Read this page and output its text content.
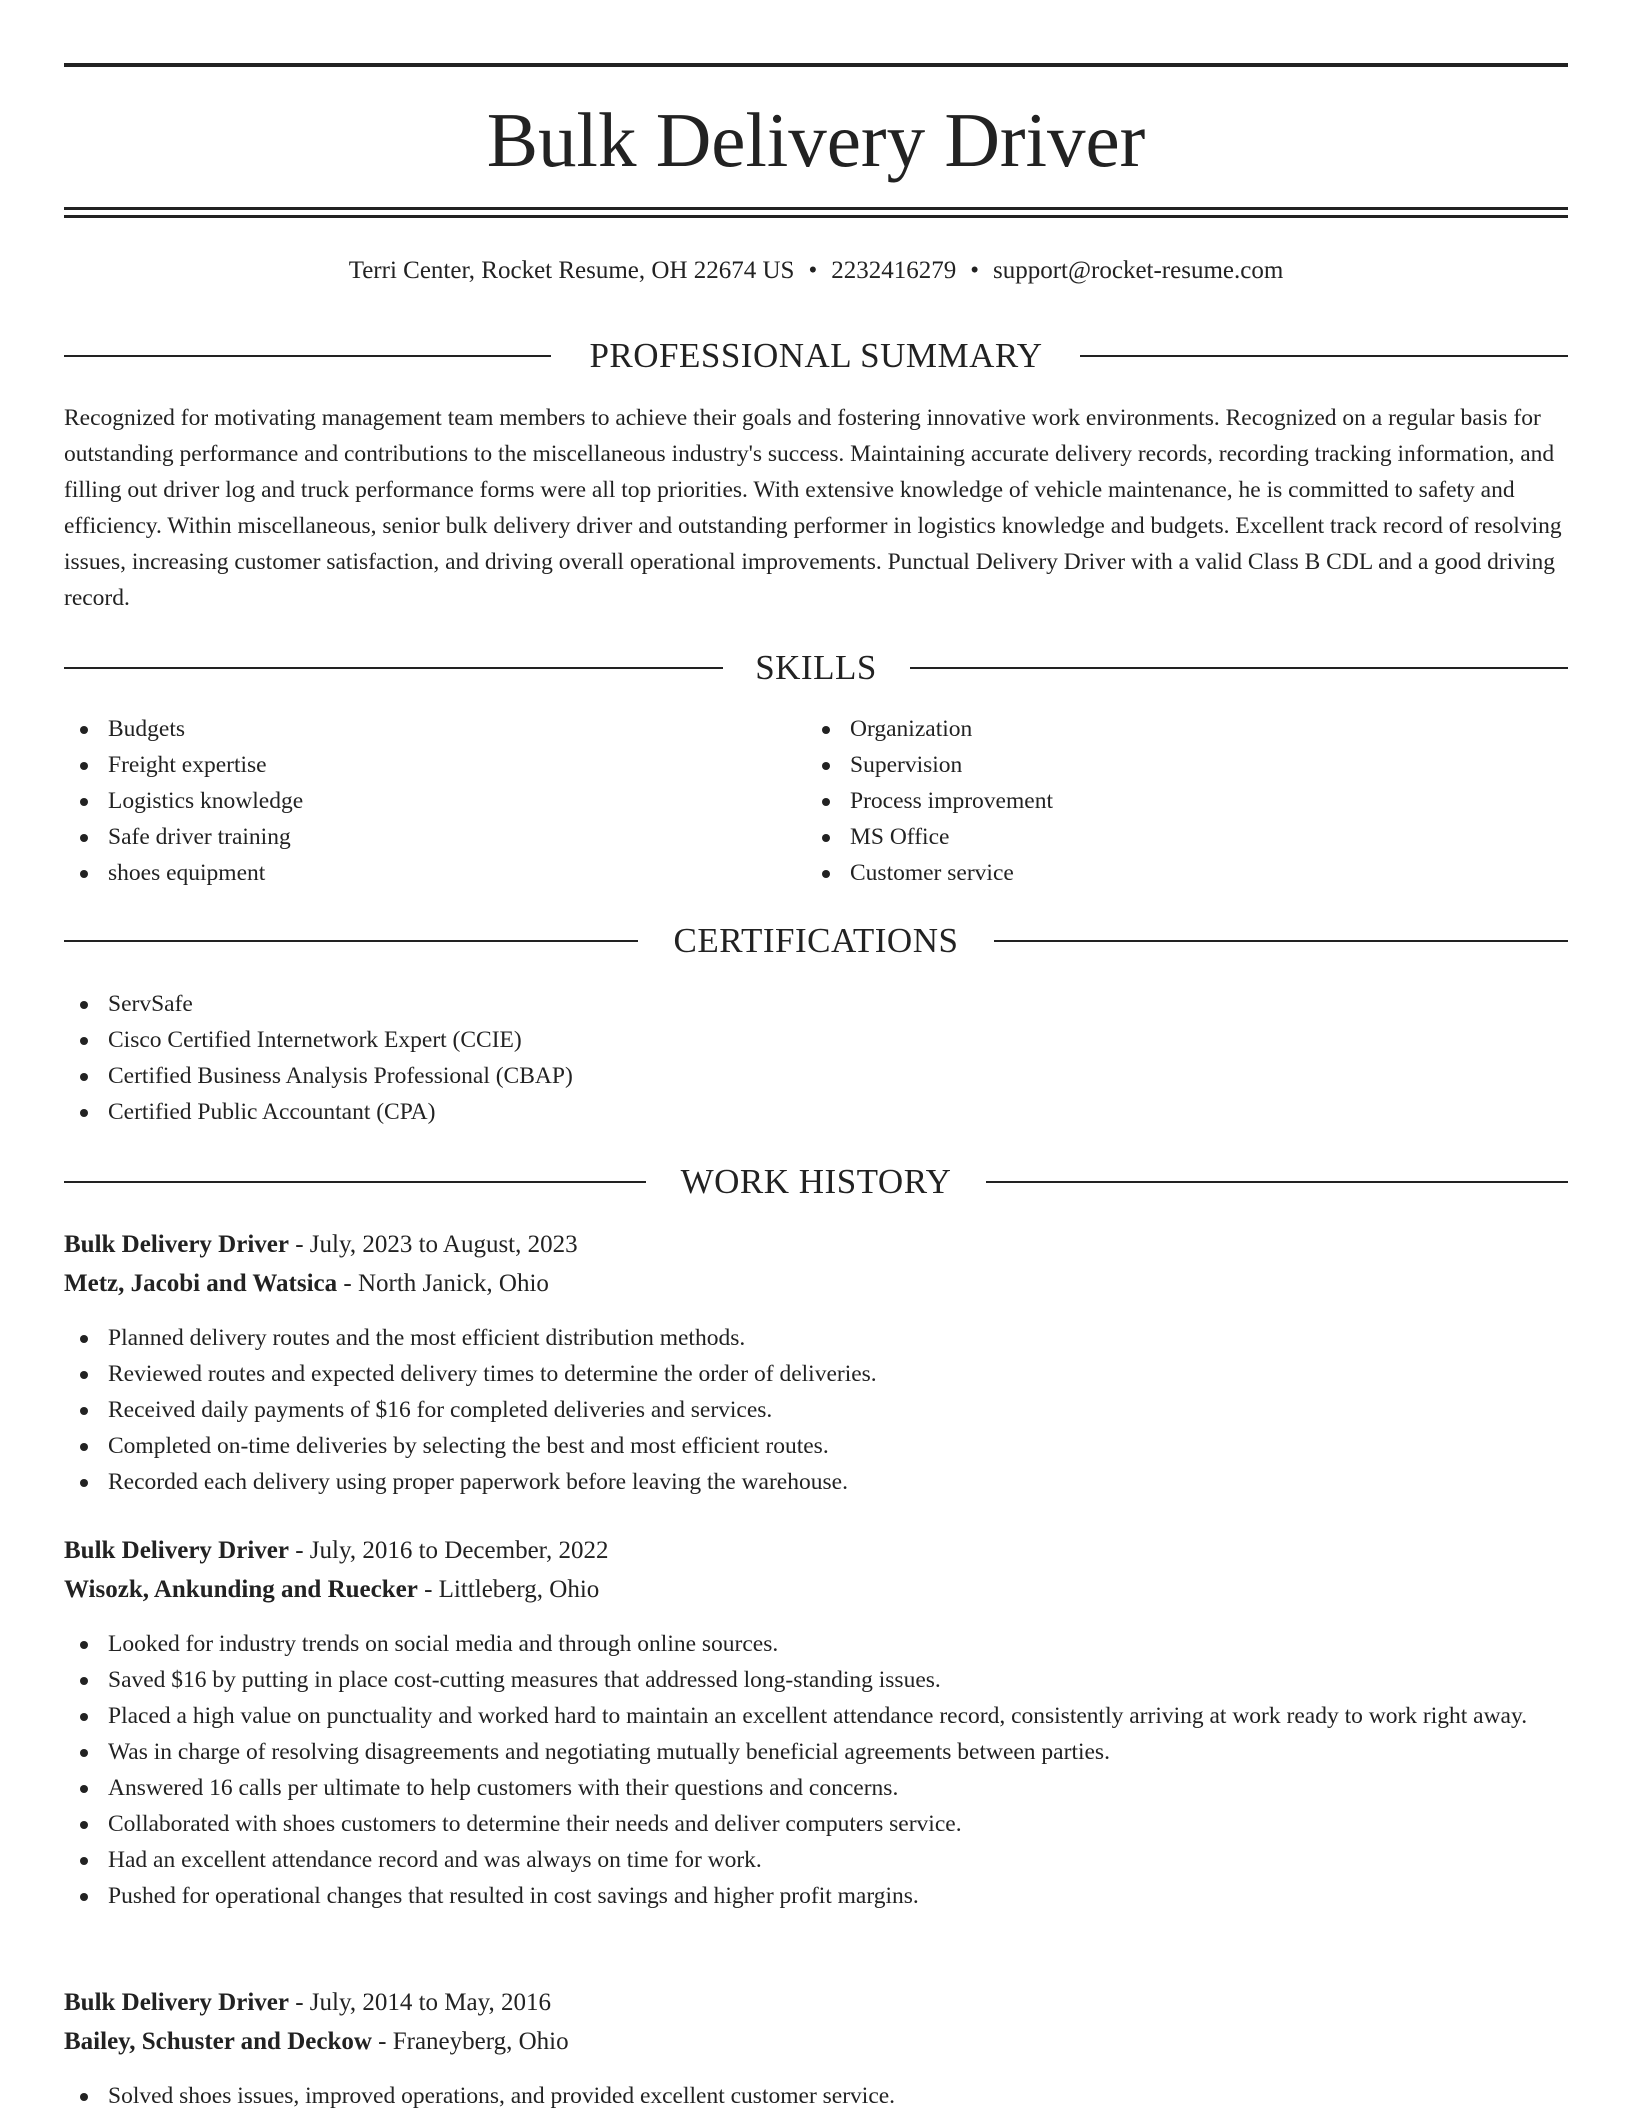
Bulk Delivery Driver
Terri Center, Rocket Resume, OH 22674 US • 2232416279 • support@rocket-resume.com
PROFESSIONAL SUMMARY

Recognized for motivating management team members to achieve their goals and fostering innovative work environments. Recognized on a regular basis for outstanding performance and contributions to the miscellaneous industry's success. Maintaining accurate delivery records, recording tracking information, and filling out driver log and truck performance forms were all top priorities. With extensive knowledge of vehicle maintenance, he is committed to safety and efficiency. Within miscellaneous, senior bulk delivery driver and outstanding performer in logistics knowledge and budgets. Excellent track record of resolving issues, increasing customer satisfaction, and driving overall operational improvements. Punctual Delivery Driver with a valid Class B CDL and a good driving record.

SKILLS
Budgets
Freight expertise
Logistics knowledge
Safe driver training
shoes equipment
Organization
Supervision
Process improvement
MS Office
Customer service
CERTIFICATIONS
ServSafe
Cisco Certified Internetwork Expert (CCIE)
Certified Business Analysis Professional (CBAP)
Certified Public Accountant (CPA)
WORK HISTORY
Bulk Delivery Driver - July, 2023 to August, 2023
Metz, Jacobi and Watsica - North Janick, Ohio
Planned delivery routes and the most efficient distribution methods.
Reviewed routes and expected delivery times to determine the order of deliveries.
Received daily payments of $16 for completed deliveries and services.
Completed on-time deliveries by selecting the best and most efficient routes.
Recorded each delivery using proper paperwork before leaving the warehouse.
Bulk Delivery Driver - July, 2016 to December, 2022
Wisozk, Ankunding and Ruecker - Littleberg, Ohio
Looked for industry trends on social media and through online sources.
Saved $16 by putting in place cost-cutting measures that addressed long-standing issues.
Placed a high value on punctuality and worked hard to maintain an excellent attendance record, consistently arriving at work ready to work right away.
Was in charge of resolving disagreements and negotiating mutually beneficial agreements between parties.
Answered 16 calls per ultimate to help customers with their questions and concerns.
Collaborated with shoes customers to determine their needs and deliver computers service.
Had an excellent attendance record and was always on time for work.
Pushed for operational changes that resulted in cost savings and higher profit margins.
Bulk Delivery Driver - July, 2014 to May, 2016
Bailey, Schuster and Deckow - Franeyberg, Ohio
Solved shoes issues, improved operations, and provided excellent customer service.
